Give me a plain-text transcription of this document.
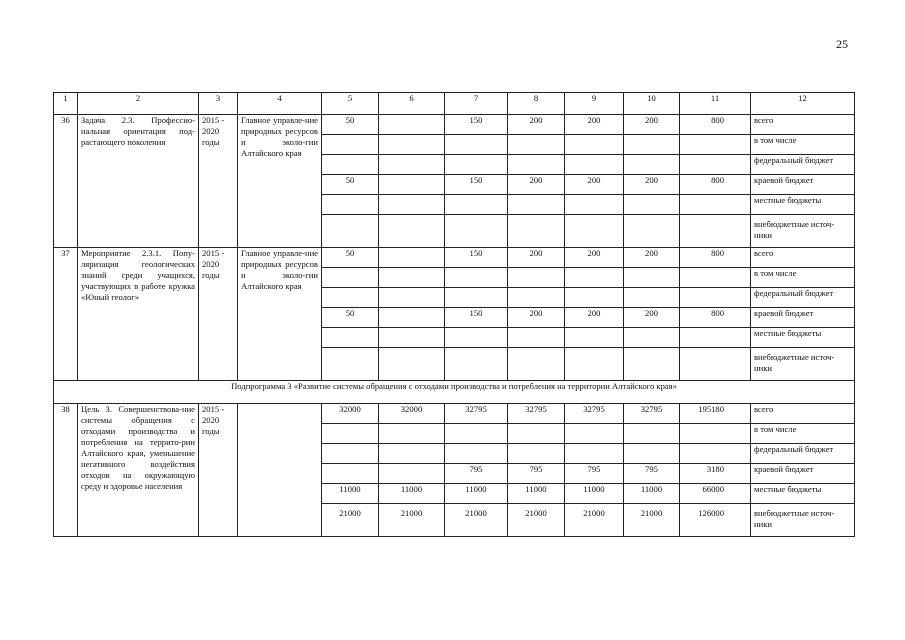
25
1	2	3	4	5	6	7	8	9	10	11	12
36	Задача 2.3. Профессио-нальная ориентация под-растающего поколения	2015 - 2020 годы	Главное управле-ние природных ресурсов и эколо-гии Алтайского края	50		150	200	200	200	800	всего
											в том числе
											федеральный бюджет
				50		150	200	200	200	800	краевой бюджет
											местные бюджеты
											внебюджетные источ-ники
37	Мероприятие 2.3.1. Попу-ляризация геологических знаний среди учащихся, участвующих в работе кружка «Юный геолог»	2015 - 2020 годы	Главное управле-ние природных ресурсов и эколо-гии Алтайского края	50		150	200	200	200	800	всего
											в том числе
											федеральный бюджет
				50		150	200	200	200	800	краевой бюджет
											местные бюджеты
											внебюджетные источ-ники
Подпрограмма 3 «Развитие системы обращения с отходами производства и потребления на территории Алтайского края»											
38	Цель 3. Совершенствова-ние системы обращения с отходами производства и потребления на террито-рии Алтайского края, уменьшение негативного воздействия отходов на окружающую среду и здоровье населения	2015 - 2020 годы		32000	32000	32795	32795	32795	32795	195180	всего
											в том числе
											федеральный бюджет
						795	795	795	795	3180	краевой бюджет
				11000	11000	11000	11000	11000	11000	66000	местные бюджеты
				21000	21000	21000	21000	21000	21000	126000	внебюджетные источ-ники
